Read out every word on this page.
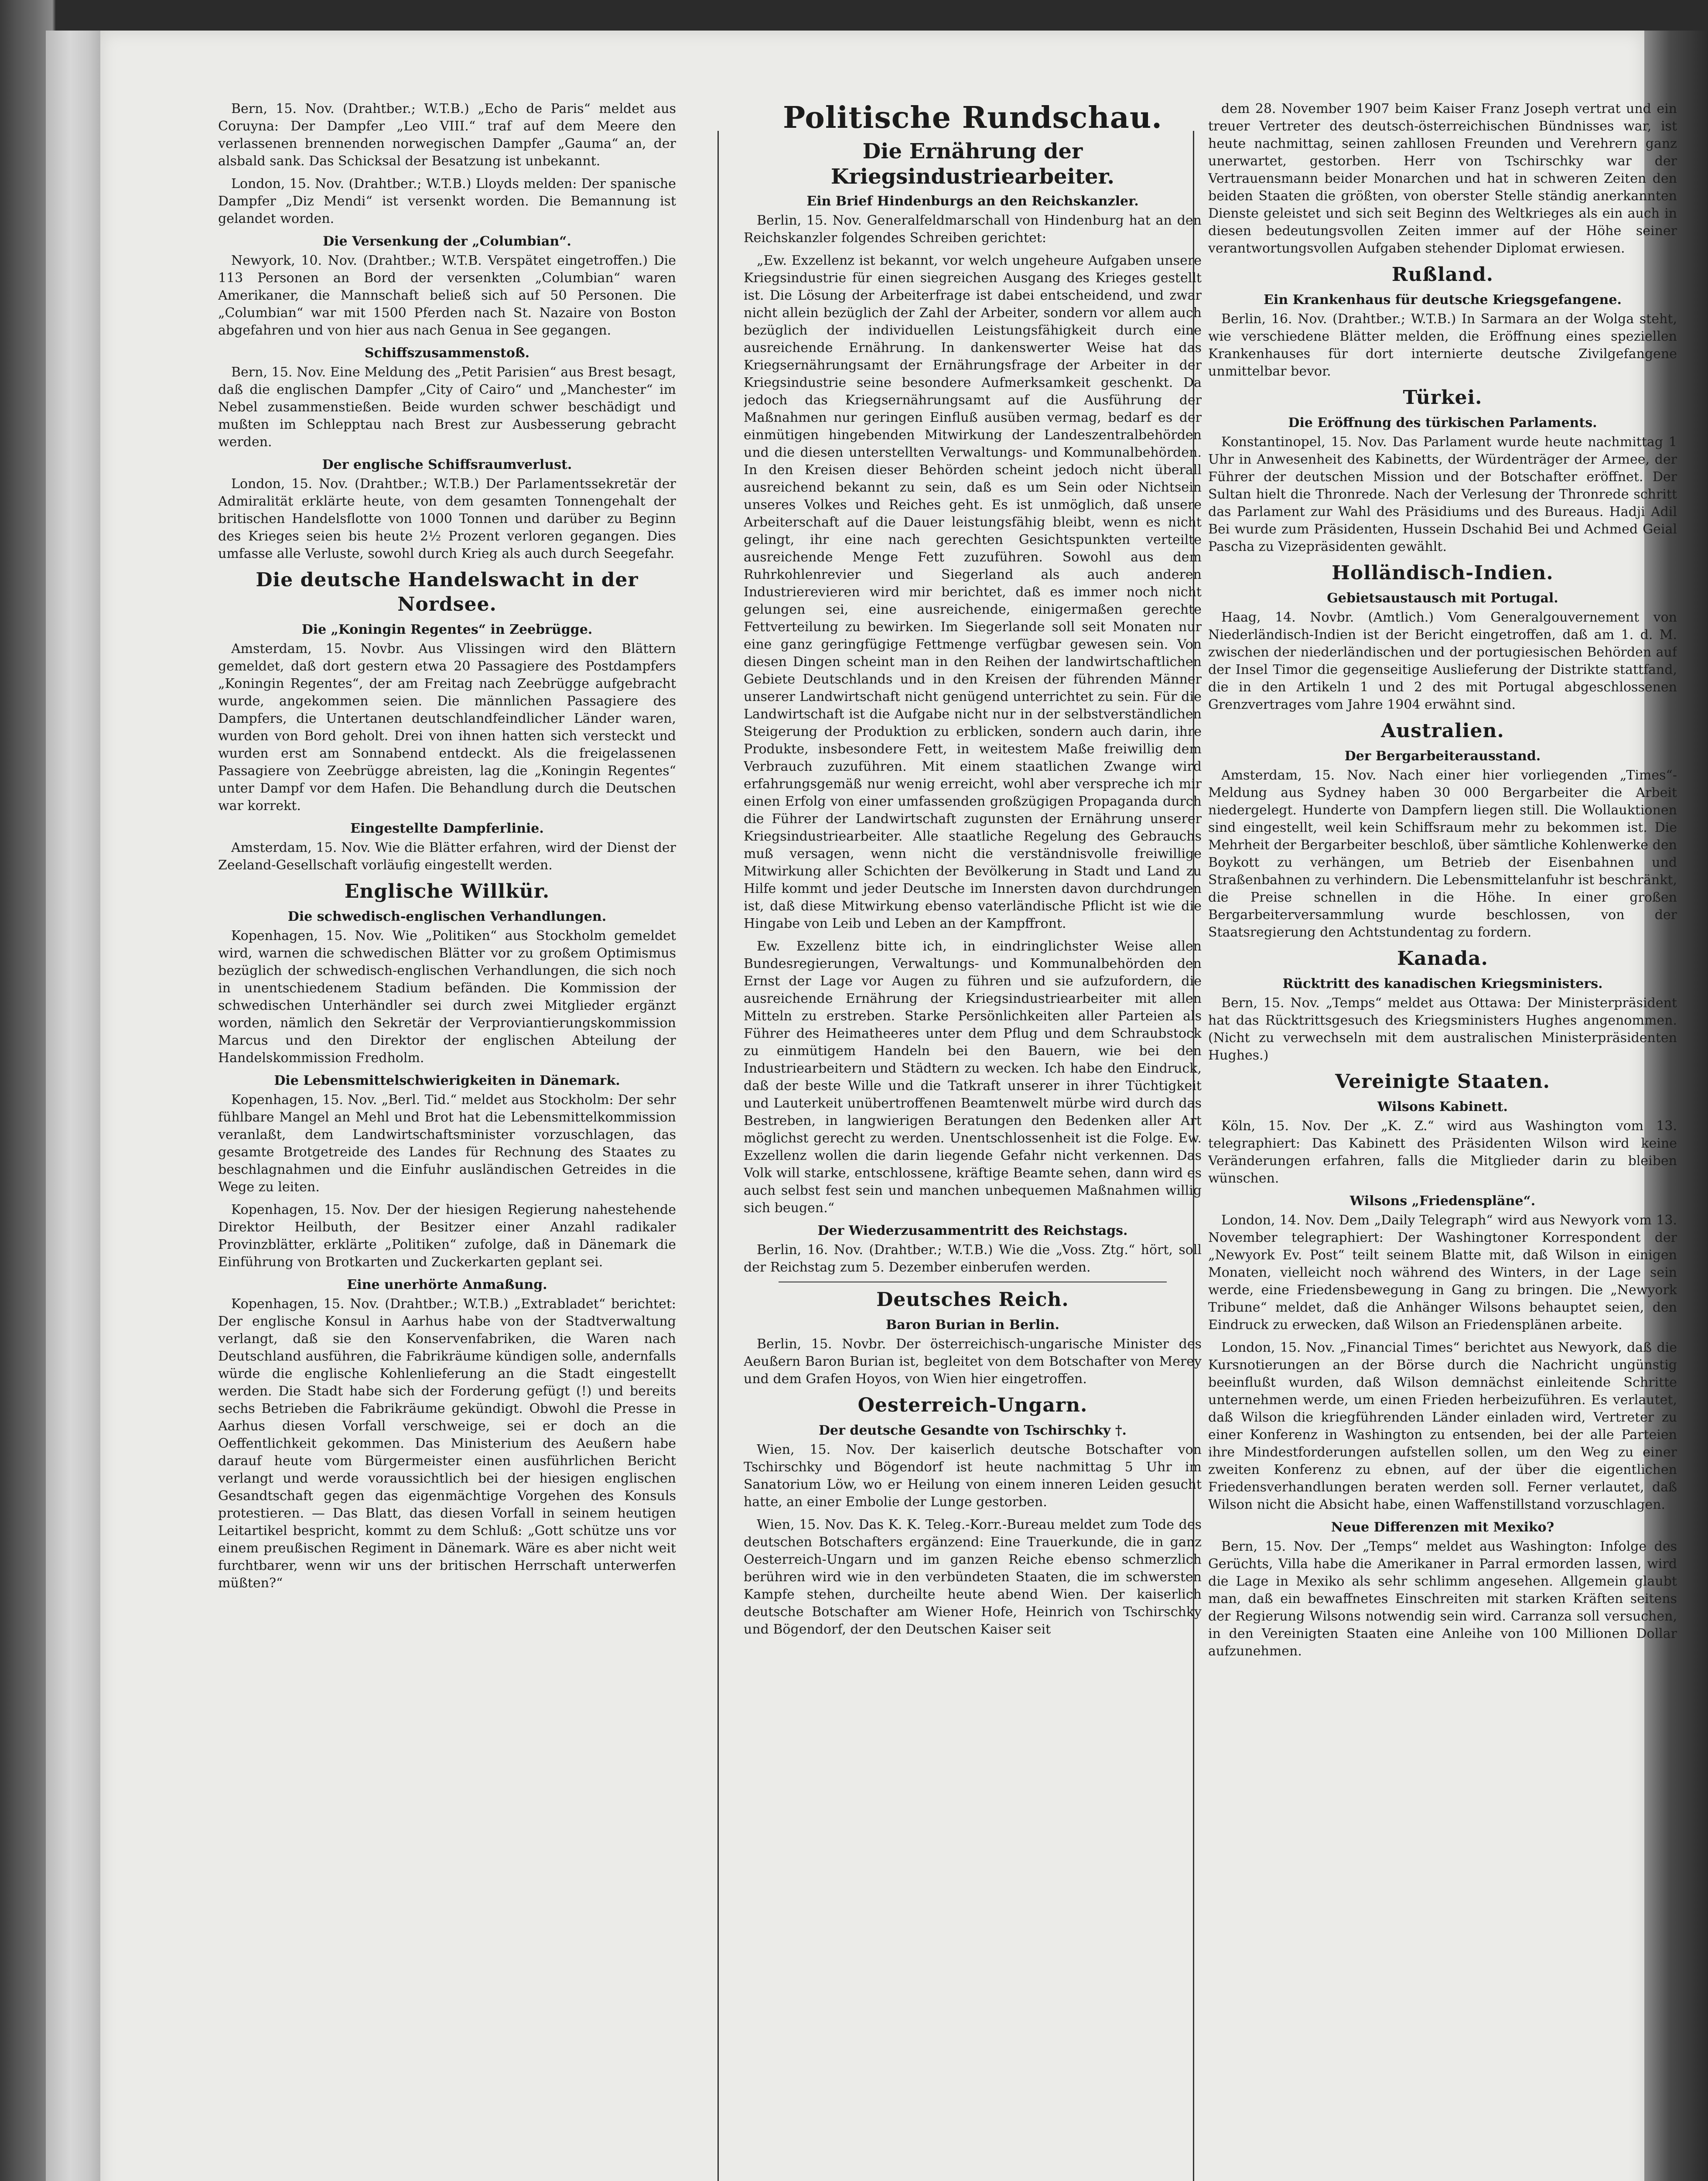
Bern, 15. Nov. (Drahtber.; W.T.B.) „Echo de Paris“ meldet aus Coruyna: Der Dampfer „Leo VIII.“ traf auf dem Meere den verlassenen brennenden norwegischen Dampfer „Gauma“ an, der alsbald sank. Das Schicksal der Besatzung ist unbekannt.

London, 15. Nov. (Drahtber.; W.T.B.) Lloyds melden: Der spanische Dampfer „Diz Mendi“ ist versenkt worden. Die Bemannung ist gelandet worden.

Die Versenkung der „Columbian“.

Newyork, 10. Nov. (Drahtber.; W.T.B. Verspätet eingetroffen.) Die 113 Personen an Bord der versenkten „Columbian“ waren Amerikaner, die Mannschaft beließ sich auf 50 Personen. Die „Columbian“ war mit 1500 Pferden nach St. Nazaire von Boston abgefahren und von hier aus nach Genua in See gegangen.

Schiffszusammenstoß.

Bern, 15. Nov. Eine Meldung des „Petit Parisien“ aus Brest besagt, daß die englischen Dampfer „City of Cairo“ und „Manchester“ im Nebel zusammenstießen. Beide wurden schwer beschädigt und mußten im Schlepptau nach Brest zur Ausbesserung gebracht werden.

Der englische Schiffsraumverlust.

London, 15. Nov. (Drahtber.; W.T.B.) Der Parlamentssekretär der Admiralität erklärte heute, von dem gesamten Tonnengehalt der britischen Handelsflotte von 1000 Tonnen und darüber zu Beginn des Krieges seien bis heute 2½ Prozent verloren gegangen. Dies umfasse alle Verluste, sowohl durch Krieg als auch durch Seegefahr.

Die deutsche Handelswacht in der Nordsee.
Die „Koningin Regentes“ in Zeebrügge.

Amsterdam, 15. Novbr. Aus Vlissingen wird den Blättern gemeldet, daß dort gestern etwa 20 Passagiere des Postdampfers „Koningin Regentes“, der am Freitag nach Zeebrügge aufgebracht wurde, angekommen seien. Die männlichen Passagiere des Dampfers, die Untertanen deutschlandfeindlicher Länder waren, wurden von Bord geholt. Drei von ihnen hatten sich versteckt und wurden erst am Sonnabend entdeckt. Als die freigelassenen Passagiere von Zeebrügge abreisten, lag die „Koningin Regentes“ unter Dampf vor dem Hafen. Die Behandlung durch die Deutschen war korrekt.

Eingestellte Dampferlinie.

Amsterdam, 15. Nov. Wie die Blätter erfahren, wird der Dienst der Zeeland-Gesellschaft vorläufig eingestellt werden.

Englische Willkür.
Die schwedisch-englischen Verhandlungen.

Kopenhagen, 15. Nov. Wie „Politiken“ aus Stockholm gemeldet wird, warnen die schwedischen Blätter vor zu großem Optimismus bezüglich der schwedisch-englischen Verhandlungen, die sich noch in unentschiedenem Stadium befänden. Die Kommission der schwedischen Unterhändler sei durch zwei Mitglieder ergänzt worden, nämlich den Sekretär der Verproviantierungskommission Marcus und den Direktor der englischen Abteilung der Handelskommission Fredholm.

Die Lebensmittelschwierigkeiten in Dänemark.

Kopenhagen, 15. Nov. „Berl. Tid.“ meldet aus Stockholm: Der sehr fühlbare Mangel an Mehl und Brot hat die Lebensmittelkommission veranlaßt, dem Landwirtschaftsminister vorzuschlagen, das gesamte Brotgetreide des Landes für Rechnung des Staates zu beschlagnahmen und die Einfuhr ausländischen Getreides in die Wege zu leiten.

Kopenhagen, 15. Nov. Der der hiesigen Regierung nahestehende Direktor Heilbuth, der Besitzer einer Anzahl radikaler Provinzblätter, erklärte „Politiken“ zufolge, daß in Dänemark die Einführung von Brotkarten und Zuckerkarten geplant sei.

Eine unerhörte Anmaßung.

Kopenhagen, 15. Nov. (Drahtber.; W.T.B.) „Extrabladet“ berichtet: Der englische Konsul in Aarhus habe von der Stadtverwaltung verlangt, daß sie den Konservenfabriken, die Waren nach Deutschland ausführen, die Fabrikräume kündigen solle, andernfalls würde die englische Kohlenlieferung an die Stadt eingestellt werden. Die Stadt habe sich der Forderung gefügt (!) und bereits sechs Betrieben die Fabrikräume gekündigt. Obwohl die Presse in Aarhus diesen Vorfall verschweige, sei er doch an die Oeffentlichkeit gekommen. Das Ministerium des Aeußern habe darauf heute vom Bürgermeister einen ausführlichen Bericht verlangt und werde voraussichtlich bei der hiesigen englischen Gesandtschaft gegen das eigenmächtige Vorgehen des Konsuls protestieren. — Das Blatt, das diesen Vorfall in seinem heutigen Leitartikel bespricht, kommt zu dem Schluß: „Gott schütze uns vor einem preußischen Regiment in Dänemark. Wäre es aber nicht weit furchtbarer, wenn wir uns der britischen Herrschaft unterwerfen müßten?“

Politische Rundschau.
Die Ernährung der Kriegsindustriearbeiter.
Ein Brief Hindenburgs an den Reichskanzler.

Berlin, 15. Nov. Generalfeldmarschall von Hindenburg hat an den Reichskanzler folgendes Schreiben gerichtet:

„Ew. Exzellenz ist bekannt, vor welch ungeheure Aufgaben unsere Kriegsindustrie für einen siegreichen Ausgang des Krieges gestellt ist. Die Lösung der Arbeiterfrage ist dabei entscheidend, und zwar nicht allein bezüglich der Zahl der Arbeiter, sondern vor allem auch bezüglich der individuellen Leistungsfähigkeit durch eine ausreichende Ernährung. In dankenswerter Weise hat das Kriegsernährungsamt der Ernährungsfrage der Arbeiter in der Kriegsindustrie seine besondere Aufmerksamkeit geschenkt. Da jedoch das Kriegsernährungsamt auf die Ausführung der Maßnahmen nur geringen Einfluß ausüben vermag, bedarf es der einmütigen hingebenden Mitwirkung der Landeszentralbehörden und die diesen unterstellten Verwaltungs- und Kommunalbehörden. In den Kreisen dieser Behörden scheint jedoch nicht überall ausreichend bekannt zu sein, daß es um Sein oder Nichtsein unseres Volkes und Reiches geht. Es ist unmöglich, daß unsere Arbeiterschaft auf die Dauer leistungsfähig bleibt, wenn es nicht gelingt, ihr eine nach gerechten Gesichtspunkten verteilte ausreichende Menge Fett zuzuführen. Sowohl aus dem Ruhrkohlenrevier und Siegerland als auch anderen Industrierevieren wird mir berichtet, daß es immer noch nicht gelungen sei, eine ausreichende, einigermaßen gerechte Fettverteilung zu bewirken. Im Siegerlande soll seit Monaten nur eine ganz geringfügige Fettmenge verfügbar gewesen sein. Von diesen Dingen scheint man in den Reihen der landwirtschaftlichen Gebiete Deutschlands und in den Kreisen der führenden Männer unserer Landwirtschaft nicht genügend unterrichtet zu sein. Für die Landwirtschaft ist die Aufgabe nicht nur in der selbstverständlichen Steigerung der Produktion zu erblicken, sondern auch darin, ihre Produkte, insbesondere Fett, in weitestem Maße freiwillig dem Verbrauch zuzuführen. Mit einem staatlichen Zwange wird erfahrungsgemäß nur wenig erreicht, wohl aber verspreche ich mir einen Erfolg von einer umfassenden großzügigen Propaganda durch die Führer der Landwirtschaft zugunsten der Ernährung unserer Kriegsindustriearbeiter. Alle staatliche Regelung des Gebrauchs muß versagen, wenn nicht die verständnisvolle freiwillige Mitwirkung aller Schichten der Bevölkerung in Stadt und Land zu Hilfe kommt und jeder Deutsche im Innersten davon durchdrungen ist, daß diese Mitwirkung ebenso vaterländische Pflicht ist wie die Hingabe von Leib und Leben an der Kampffront.

Ew. Exzellenz bitte ich, in eindringlichster Weise allen Bundesregierungen, Verwaltungs- und Kommunalbehörden den Ernst der Lage vor Augen zu führen und sie aufzufordern, die ausreichende Ernährung der Kriegsindustriearbeiter mit allen Mitteln zu erstreben. Starke Persönlichkeiten aller Parteien als Führer des Heimatheeres unter dem Pflug und dem Schraubstock zu einmütigem Handeln bei den Bauern, wie bei den Industriearbeitern und Städtern zu wecken. Ich habe den Eindruck, daß der beste Wille und die Tatkraft unserer in ihrer Tüchtigkeit und Lauterkeit unübertroffenen Beamtenwelt mürbe wird durch das Bestreben, in langwierigen Beratungen den Bedenken aller Art möglichst gerecht zu werden. Unentschlossenheit ist die Folge. Ew. Exzellenz wollen die darin liegende Gefahr nicht verkennen. Das Volk will starke, entschlossene, kräftige Beamte sehen, dann wird es auch selbst fest sein und manchen unbequemen Maßnahmen willig sich beugen.“

Der Wiederzusammentritt des Reichstags.

Berlin, 16. Nov. (Drahtber.; W.T.B.) Wie die „Voss. Ztg.“ hört, soll der Reichstag zum 5. Dezember einberufen werden.

Deutsches Reich.
Baron Burian in Berlin.

Berlin, 15. Novbr. Der österreichisch-ungarische Minister des Aeußern Baron Burian ist, begleitet von dem Botschafter von Merey und dem Grafen Hoyos, von Wien hier eingetroffen.

Oesterreich-Ungarn.
Der deutsche Gesandte von Tschirschky †.

Wien, 15. Nov. Der kaiserlich deutsche Botschafter von Tschirschky und Bögendorf ist heute nachmittag 5 Uhr im Sanatorium Löw, wo er Heilung von einem inneren Leiden gesucht hatte, an einer Embolie der Lunge gestorben.

Wien, 15. Nov. Das K. K. Teleg.-Korr.-Bureau meldet zum Tode des deutschen Botschafters ergänzend: Eine Trauerkunde, die in ganz Oesterreich-Ungarn und im ganzen Reiche ebenso schmerzlich berühren wird wie in den verbündeten Staaten, die im schwersten Kampfe stehen, durcheilte heute abend Wien. Der kaiserlich deutsche Botschafter am Wiener Hofe, Heinrich von Tschirschky und Bögendorf, der den Deutschen Kaiser seit

dem 28. November 1907 beim Kaiser Franz Joseph vertrat und ein treuer Vertreter des deutsch-österreichischen Bündnisses war, ist heute nachmittag, seinen zahllosen Freunden und Verehrern ganz unerwartet, gestorben. Herr von Tschirschky war der Vertrauensmann beider Monarchen und hat in schweren Zeiten den beiden Staaten die größten, von oberster Stelle ständig anerkannten Dienste geleistet und sich seit Beginn des Weltkrieges als ein auch in diesen bedeutungsvollen Zeiten immer auf der Höhe seiner verantwortungsvollen Aufgaben stehender Diplomat erwiesen.

Rußland.
Ein Krankenhaus für deutsche Kriegsgefangene.

Berlin, 16. Nov. (Drahtber.; W.T.B.) In Sarmara an der Wolga steht, wie verschiedene Blätter melden, die Eröffnung eines speziellen Krankenhauses für dort internierte deutsche Zivilgefangene unmittelbar bevor.

Türkei.
Die Eröffnung des türkischen Parlaments.

Konstantinopel, 15. Nov. Das Parlament wurde heute nachmittag 1 Uhr in Anwesenheit des Kabinetts, der Würdenträger der Armee, der Führer der deutschen Mission und der Botschafter eröffnet. Der Sultan hielt die Thronrede. Nach der Verlesung der Thronrede schritt das Parlament zur Wahl des Präsidiums und des Bureaus. Hadji Adil Bei wurde zum Präsidenten, Hussein Dschahid Bei und Achmed Geial Pascha zu Vizepräsidenten gewählt.

Holländisch-Indien.
Gebietsaustausch mit Portugal.

Haag, 14. Novbr. (Amtlich.) Vom Generalgouvernement von Niederländisch-Indien ist der Bericht eingetroffen, daß am 1. d. M. zwischen der niederländischen und der portugiesischen Behörden auf der Insel Timor die gegenseitige Auslieferung der Distrikte stattfand, die in den Artikeln 1 und 2 des mit Portugal abgeschlossenen Grenzvertrages vom Jahre 1904 erwähnt sind.

Australien.
Der Bergarbeiterausstand.

Amsterdam, 15. Nov. Nach einer hier vorliegenden „Times“-Meldung aus Sydney haben 30 000 Bergarbeiter die Arbeit niedergelegt. Hunderte von Dampfern liegen still. Die Wollauktionen sind eingestellt, weil kein Schiffsraum mehr zu bekommen ist. Die Mehrheit der Bergarbeiter beschloß, über sämtliche Kohlenwerke den Boykott zu verhängen, um Betrieb der Eisenbahnen und Straßenbahnen zu verhindern. Die Lebensmittelanfuhr ist beschränkt, die Preise schnellen in die Höhe. In einer großen Bergarbeiterversammlung wurde beschlossen, von der Staatsregierung den Achtstundentag zu fordern.

Kanada.
Rücktritt des kanadischen Kriegsministers.

Bern, 15. Nov. „Temps“ meldet aus Ottawa: Der Ministerpräsident hat das Rücktrittsgesuch des Kriegsministers Hughes angenommen. (Nicht zu verwechseln mit dem australischen Ministerpräsidenten Hughes.)

Vereinigte Staaten.
Wilsons Kabinett.

Köln, 15. Nov. Der „K. Z.“ wird aus Washington vom 13. telegraphiert: Das Kabinett des Präsidenten Wilson wird keine Veränderungen erfahren, falls die Mitglieder darin zu bleiben wünschen.

Wilsons „Friedenspläne“.

London, 14. Nov. Dem „Daily Telegraph“ wird aus Newyork vom 13. November telegraphiert: Der Washingtoner Korrespondent der „Newyork Ev. Post“ teilt seinem Blatte mit, daß Wilson in einigen Monaten, vielleicht noch während des Winters, in der Lage sein werde, eine Friedensbewegung in Gang zu bringen. Die „Newyork Tribune“ meldet, daß die Anhänger Wilsons behauptet seien, den Eindruck zu erwecken, daß Wilson an Friedensplänen arbeite.

London, 15. Nov. „Financial Times“ berichtet aus Newyork, daß die Kursnotierungen an der Börse durch die Nachricht ungünstig beeinflußt wurden, daß Wilson demnächst einleitende Schritte unternehmen werde, um einen Frieden herbeizuführen. Es verlautet, daß Wilson die kriegführenden Länder einladen wird, Vertreter zu einer Konferenz in Washington zu entsenden, bei der alle Parteien ihre Mindestforderungen aufstellen sollen, um den Weg zu einer zweiten Konferenz zu ebnen, auf der über die eigentlichen Friedensverhandlungen beraten werden soll. Ferner verlautet, daß Wilson nicht die Absicht habe, einen Waffenstillstand vorzuschlagen.

Neue Differenzen mit Mexiko?

Bern, 15. Nov. Der „Temps“ meldet aus Washington: Infolge des Gerüchts, Villa habe die Amerikaner in Parral ermorden lassen, wird die Lage in Mexiko als sehr schlimm angesehen. Allgemein glaubt man, daß ein bewaffnetes Einschreiten mit starken Kräften seitens der Regierung Wilsons notwendig sein wird. Carranza soll versuchen, in den Vereinigten Staaten eine Anleihe von 100 Millionen Dollar aufzunehmen.
